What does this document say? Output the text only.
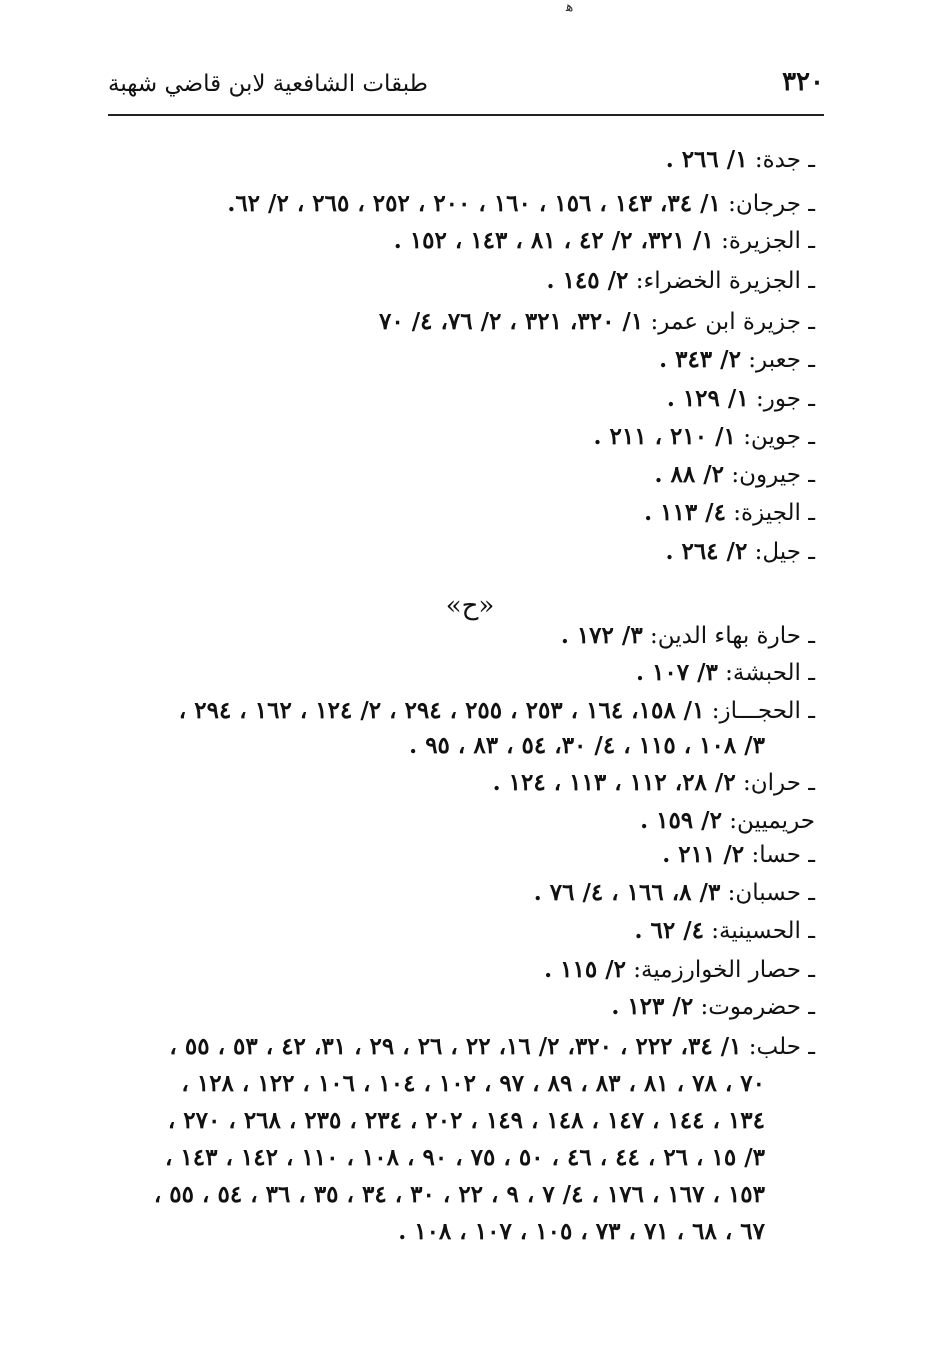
ﻫ
٣٢٠
طبقات الشافعية لابن قاضي شهبة
ـ جدة: ١/ ٢٦٦ .
ـ جرجان: ١/ ٣٤، ١٤٣ ، ١٥٦ ، ١٦٠ ، ٢٠٠ ، ٢٥٢ ، ٢٦٥ ، ٢/ ٦٢.
ـ الجزيرة: ١/ ٣٢١، ٢/ ٤٢ ، ٨١ ، ١٤٣ ، ١٥٢ .
ـ الجزيرة الخضراء: ٢/ ١٤٥ .
ـ جزيرة ابن عمر: ١/ ٣٢٠، ٣٢١ ، ٢/ ٧٦، ٤/ ٧٠
ـ جعبر: ٢/ ٣٤٣ .
ـ جور: ١/ ١٢٩ .
ـ جوين: ١/ ٢١٠ ، ٢١١ .
ـ جيرون: ٢/ ٨٨ .
ـ الجيزة: ٤/ ١١٣ .
ـ جيل: ٢/ ٢٦٤ .
«ح»
ـ حارة بهاء الدين: ٣/ ١٧٢ .
ـ الحبشة: ٣/ ١٠٧ .
ـ الحجـــاز: ١/ ١٥٨، ١٦٤ ، ٢٥٣ ، ٢٥٥ ، ٢٩٤ ، ٢/ ١٢٤ ، ١٦٢ ، ٢٩٤ ،
٣/ ١٠٨ ، ١١٥ ، ٤/ ٣٠، ٥٤ ، ٨٣ ، ٩٥ .
ـ حران: ٢/ ٢٨، ١١٢ ، ١١٣ ، ١٢٤ .
حريميين: ٢/ ١٥٩ .
ـ حسا: ٢/ ٢١١ .
ـ حسبان: ٣/ ٨، ١٦٦ ، ٤/ ٧٦ .
ـ الحسينية: ٤/ ٦٢ .
ـ حصار الخوارزمية: ٢/ ١١٥ .
ـ حضرموت: ٢/ ١٢٣ .
ـ حلب: ١/ ٣٤، ٢٢٢ ، ٣٢٠، ٢/ ١٦، ٢٢ ، ٢٦ ، ٢٩ ، ٣١، ٤٢ ، ٥٣ ، ٥٥ ،
٧٠ ، ٧٨ ، ٨١ ، ٨٣ ، ٨٩ ، ٩٧ ، ١٠٢ ، ١٠٤ ، ١٠٦ ، ١٢٢ ، ١٢٨ ،
١٣٤ ، ١٤٤ ، ١٤٧ ، ١٤٨ ، ١٤٩ ، ٢٠٢ ، ٢٣٤ ، ٢٣٥ ، ٢٦٨ ، ٢٧٠ ،
٣/ ١٥ ، ٢٦ ، ٤٤ ، ٤٦ ، ٥٠ ، ٧٥ ، ٩٠ ، ١٠٨ ، ١١٠ ، ١٤٢ ، ١٤٣ ،
١٥٣ ، ١٦٧ ، ١٧٦ ، ٤/ ٧ ، ٩ ، ٢٢ ، ٣٠ ، ٣٤ ، ٣٥ ، ٣٦ ، ٥٤ ، ٥٥ ،
٦٧ ، ٦٨ ، ٧١ ، ٧٣ ، ١٠٥ ، ١٠٧ ، ١٠٨ .
